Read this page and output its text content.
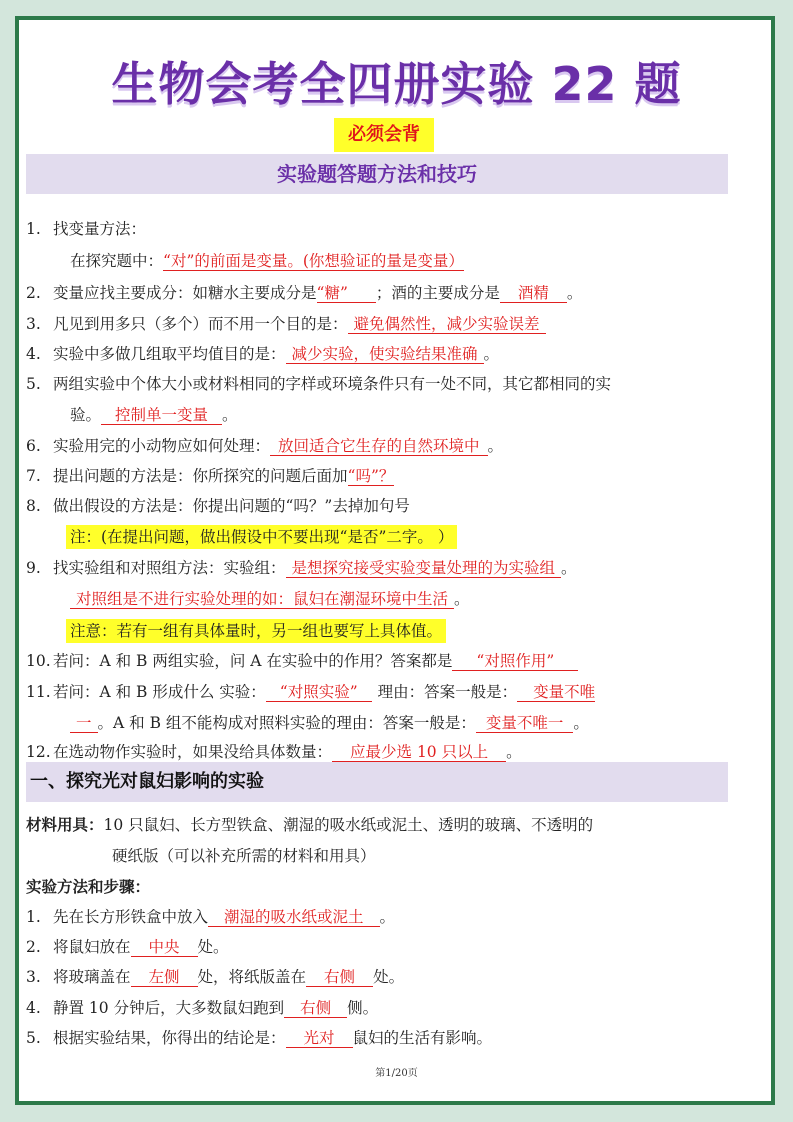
生物会考全四册实验 22 题
必须会背
实验题答题方法和技巧
1. 找变量方法：
在探究题中：“对”的前面是变量。(你想验证的量是变量）
2. 变量应找主要成分：如糖水主要成分是“糖” ；酒的主要成分是 酒精 。
3. 凡见到用多只（多个）而不用一个目的是： 避免偶然性，减少实验误差
4. 实验中多做几组取平均值目的是： 减少实验，使实验结果准确 。
5. 两组实验中个体大小或材料相同的字样或环境条件只有一处不同，其它都相同的实
验。 控制单一变量 。
6. 实验用完的小动物应如何处理： 放回适合它生存的自然环境中 。
7. 提出问题的方法是：你所探究的问题后面加“吗”？
8. 做出假设的方法是：你提出问题的“吗？”去掉加句号
注：(在提出问题，做出假设中不要出现“是否”二字。 ）
9. 找实验组和对照组方法：实验组： 是想探究接受实验变量处理的为实验组 。
对照组是不进行实验处理的如：鼠妇在潮湿环境中生活 。
注意：若有一组有具体量时，另一组也要写上具体值。
10. 若问：A 和 B 两组实验，问 A 在实验中的作用？答案都是 “对照作用”
11. 若问：A 和 B 形成什么 实验： “对照实验” 理由：答案一般是： 变量不唯
一 。A 和 B 组不能构成对照料实验的理由：答案一般是： 变量不唯一 。
一、探究光对鼠妇影响的实验
12. 在选动物作实验时，如果没给具体数量： 应最少选 10 只以上 。
材料用具：10 只鼠妇、长方型铁盒、潮湿的吸水纸或泥土、透明的玻璃、不透明的
硬纸版（可以补充所需的材料和用具）
实验方法和步骤：
1. 先在长方形铁盒中放入 潮湿的吸水纸或泥土 。
2. 将鼠妇放在 中央 处。
3. 将玻璃盖在 左侧 处，将纸版盖在 右侧 处。
4. 静置 10 分钟后，大多数鼠妇跑到 右侧 侧。
5. 根据实验结果，你得出的结论是： 光对 鼠妇的生活有影响。
第1/20页
